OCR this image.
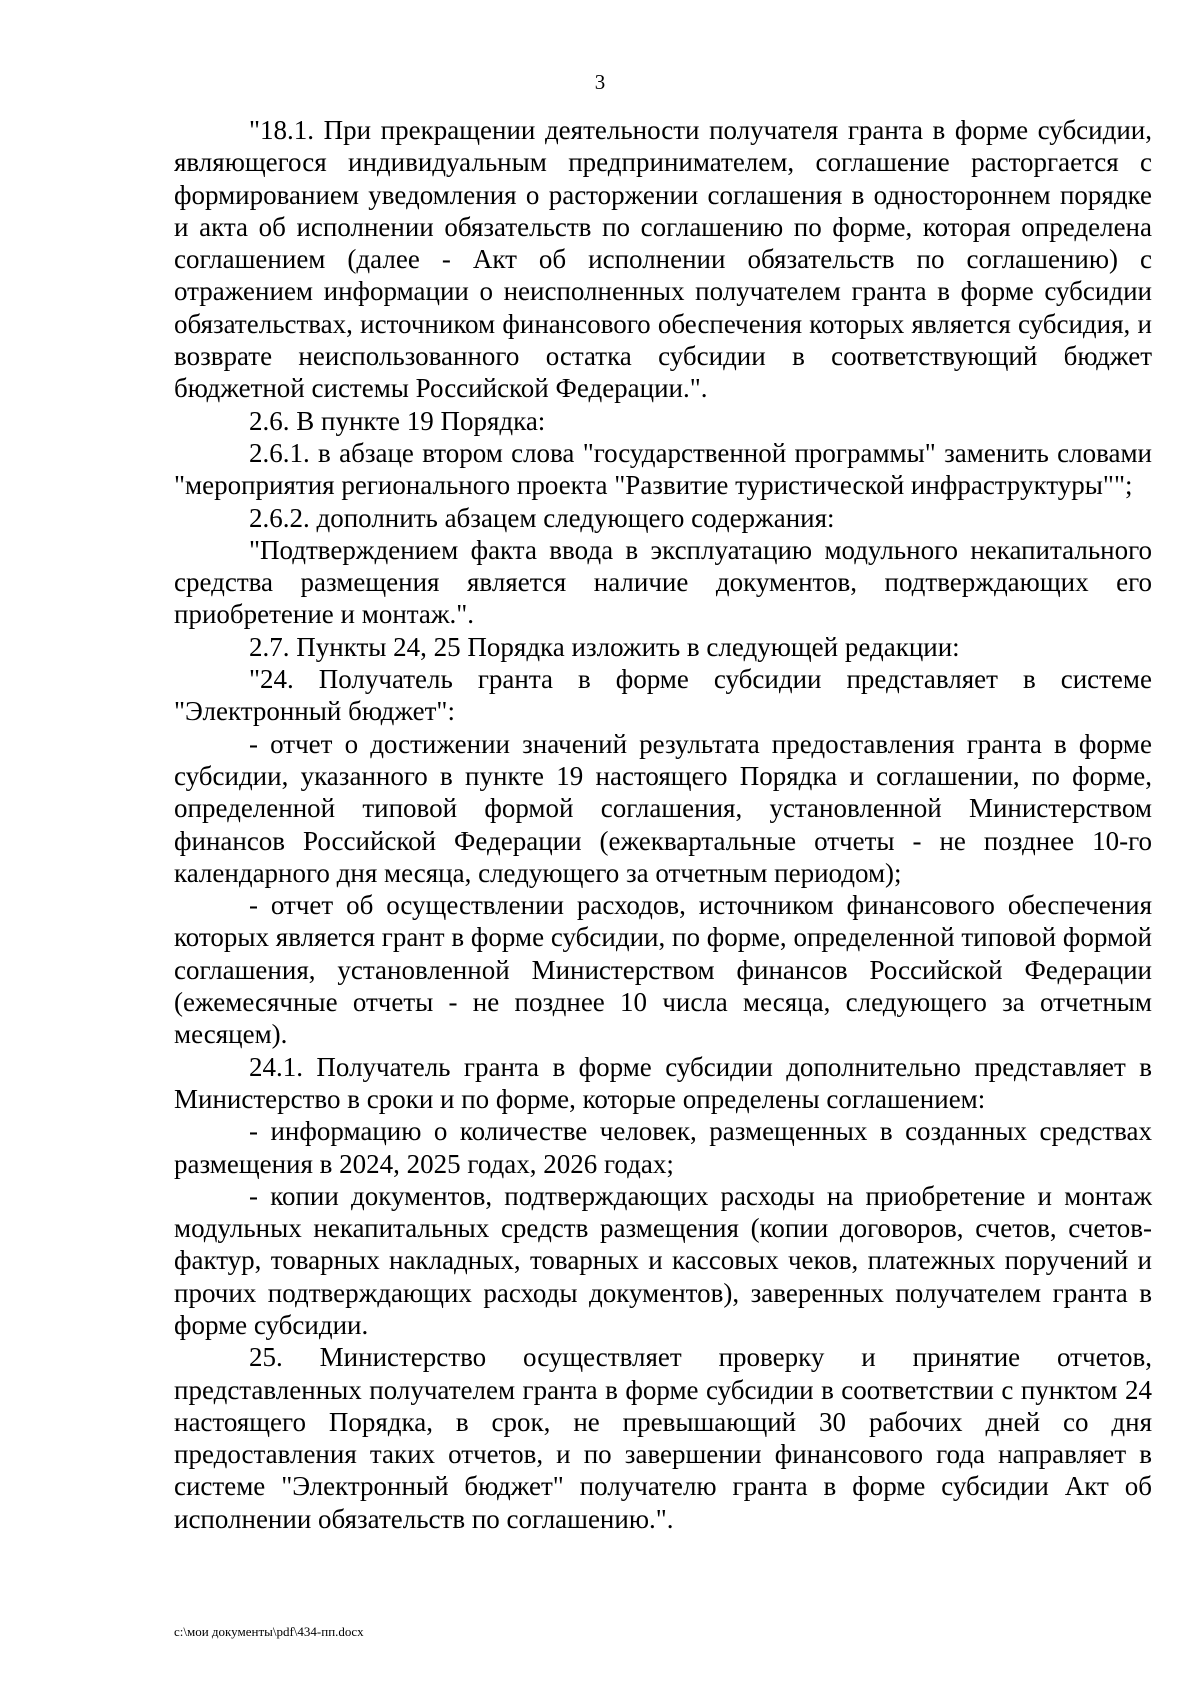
3

"18.1. При прекращении деятельности получателя гранта в форме субсидии, являющегося индивидуальным предпринимателем, соглашение расторгается с формированием уведомления о расторжении соглашения в одностороннем порядке и акта об исполнении обязательств по соглашению по форме, которая определена соглашением (далее - Акт об исполнении обязательств по соглашению) с отражением информации о неисполненных получателем гранта в форме субсидии обязательствах, источником финансового обеспечения которых является субсидия, и возврате неиспользованного остатка субсидии в соответствующий бюджет бюджетной системы Российской Федерации.".

2.6. В пункте 19 Порядка:

2.6.1. в абзаце втором слова "государственной программы" заменить словами "мероприятия регионального проекта "Развитие туристической инфраструктуры"";

2.6.2. дополнить абзацем следующего содержания:

"Подтверждением факта ввода в эксплуатацию модульного некапитального средства размещения является наличие документов, подтверждающих его приобретение и монтаж.".

2.7. Пункты 24, 25 Порядка изложить в следующей редакции:

"24. Получатель гранта в форме субсидии представляет в системе "Электронный бюджет":

- отчет о достижении значений результата предоставления гранта в форме субсидии, указанного в пункте 19 настоящего Порядка и соглашении, по форме, определенной типовой формой соглашения, установленной Министерством финансов Российской Федерации (ежеквартальные отчеты - не позднее 10-го календарного дня месяца, следующего за отчетным периодом);

- отчет об осуществлении расходов, источником финансового обеспечения которых является грант в форме субсидии, по форме, определенной типовой формой соглашения, установленной Министерством финансов Российской Федерации (ежемесячные отчеты - не позднее 10 числа месяца, следующего за отчетным месяцем).

24.1. Получатель гранта в форме субсидии дополнительно представляет в Министерство в сроки и по форме, которые определены соглашением:

- информацию о количестве человек, размещенных в созданных средствах размещения в 2024, 2025 годах, 2026 годах;

- копии документов, подтверждающих расходы на приобретение и монтаж модульных некапитальных средств размещения (копии договоров, счетов, счетов-фактур, товарных накладных, товарных и кассовых чеков, платежных поручений и прочих подтверждающих расходы документов), заверенных получателем гранта в форме субсидии.

25. Министерство осуществляет проверку и принятие отчетов, представленных получателем гранта в форме субсидии в соответствии с пунктом 24 настоящего Порядка, в срок, не превышающий 30 рабочих дней со дня предоставления таких отчетов, и по завершении финансового года направляет в системе "Электронный бюджет" получателю гранта в форме субсидии Акт об исполнении обязательств по соглашению.".

c:\мои документы\pdf\434-пп.docx
